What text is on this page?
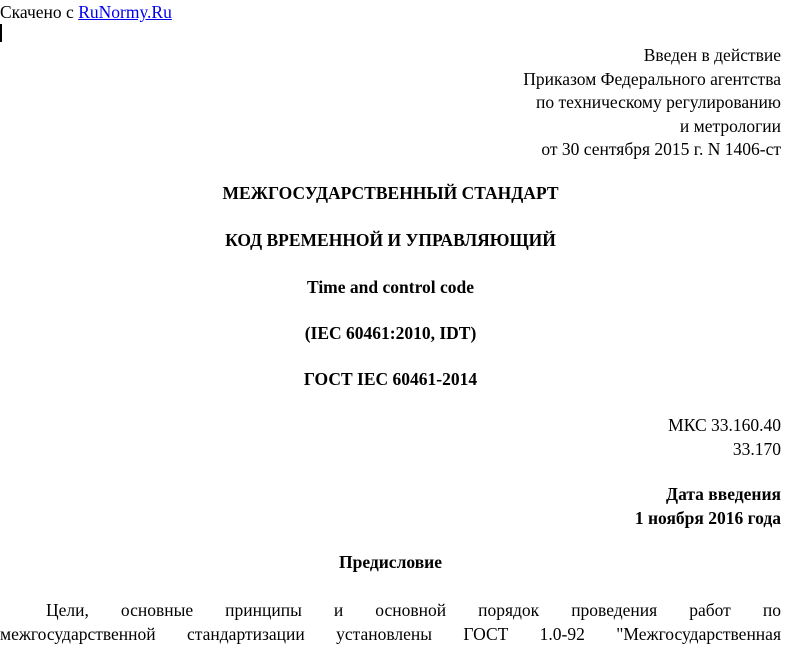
Скачено с RuNormy.Ru
Введен в действие
Приказом Федерального агентства
по техническому регулированию
и метрологии
от 30 сентября 2015 г. N 1406-ст
МЕЖГОСУДАРСТВЕННЫЙ СТАНДАРТ
КОД ВРЕМЕННОЙ И УПРАВЛЯЮЩИЙ
Time and control code
(IEC 60461:2010, IDT)
ГОСТ IEC 60461-2014
МКС 33.160.40
33.170
Дата введения
1 ноября 2016 года
Предисловие
Цели, основные принципы и основной порядок проведения работ по
межгосударственной стандартизации установлены ГОСТ 1.0-92 "Межгосударственная
